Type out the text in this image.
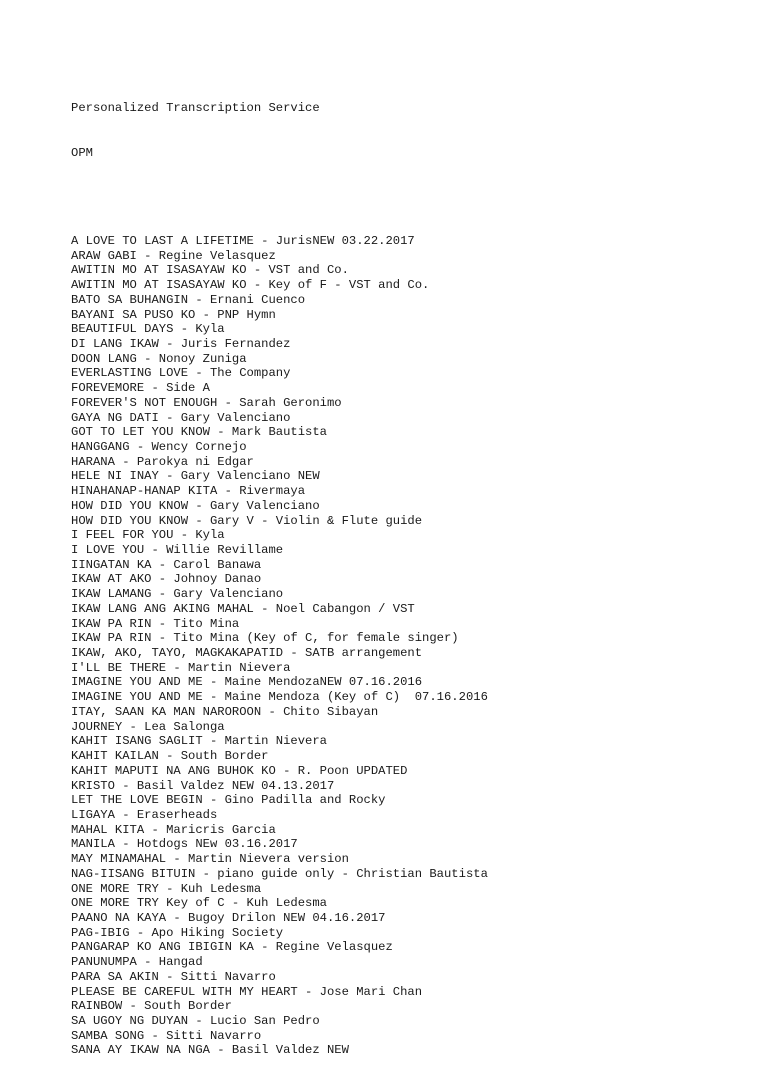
Personalized Transcription Service

OPM

A LOVE TO LAST A LIFETIME - JurisNEW 03.22.2017
ARAW GABI - Regine Velasquez
AWITIN MO AT ISASAYAW KO - VST and Co.
AWITIN MO AT ISASAYAW KO - Key of F - VST and Co.
BATO SA BUHANGIN - Ernani Cuenco
BAYANI SA PUSO KO - PNP Hymn
BEAUTIFUL DAYS - Kyla
DI LANG IKAW - Juris Fernandez
DOON LANG - Nonoy Zuniga
EVERLASTING LOVE - The Company
FOREVEMORE - Side A
FOREVER'S NOT ENOUGH - Sarah Geronimo
GAYA NG DATI - Gary Valenciano
GOT TO LET YOU KNOW - Mark Bautista
HANGGANG - Wency Cornejo
HARANA - Parokya ni Edgar
HELE NI INAY - Gary Valenciano NEW
HINAHANAP-HANAP KITA - Rivermaya
HOW DID YOU KNOW - Gary Valenciano
HOW DID YOU KNOW - Gary V - Violin & Flute guide
I FEEL FOR YOU - Kyla
I LOVE YOU - Willie Revillame
IINGATAN KA - Carol Banawa
IKAW AT AKO - Johnoy Danao
IKAW LAMANG - Gary Valenciano
IKAW LANG ANG AKING MAHAL - Noel Cabangon / VST
IKAW PA RIN - Tito Mina
IKAW PA RIN - Tito Mina (Key of C, for female singer)
IKAW, AKO, TAYO, MAGKAKAPATID - SATB arrangement
I'LL BE THERE - Martin Nievera
IMAGINE YOU AND ME - Maine MendozaNEW 07.16.2016
IMAGINE YOU AND ME - Maine Mendoza (Key of C)  07.16.2016
ITAY, SAAN KA MAN NAROROON - Chito Sibayan
JOURNEY - Lea Salonga
KAHIT ISANG SAGLIT - Martin Nievera
KAHIT KAILAN - South Border
KAHIT MAPUTI NA ANG BUHOK KO - R. Poon UPDATED
KRISTO - Basil Valdez NEW 04.13.2017
LET THE LOVE BEGIN - Gino Padilla and Rocky
LIGAYA - Eraserheads
MAHAL KITA - Maricris Garcia
MANILA - Hotdogs NEw 03.16.2017
MAY MINAMAHAL - Martin Nievera version
NAG-IISANG BITUIN - piano guide only - Christian Bautista
ONE MORE TRY - Kuh Ledesma
ONE MORE TRY Key of C - Kuh Ledesma
PAANO NA KAYA - Bugoy Drilon NEW 04.16.2017
PAG-IBIG - Apo Hiking Society
PANGARAP KO ANG IBIGIN KA - Regine Velasquez
PANUNUMPA - Hangad
PARA SA AKIN - Sitti Navarro
PLEASE BE CAREFUL WITH MY HEART - Jose Mari Chan
RAINBOW - South Border
SA UGOY NG DUYAN - Lucio San Pedro
SAMBA SONG - Sitti Navarro
SANA AY IKAW NA NGA - Basil Valdez NEW
